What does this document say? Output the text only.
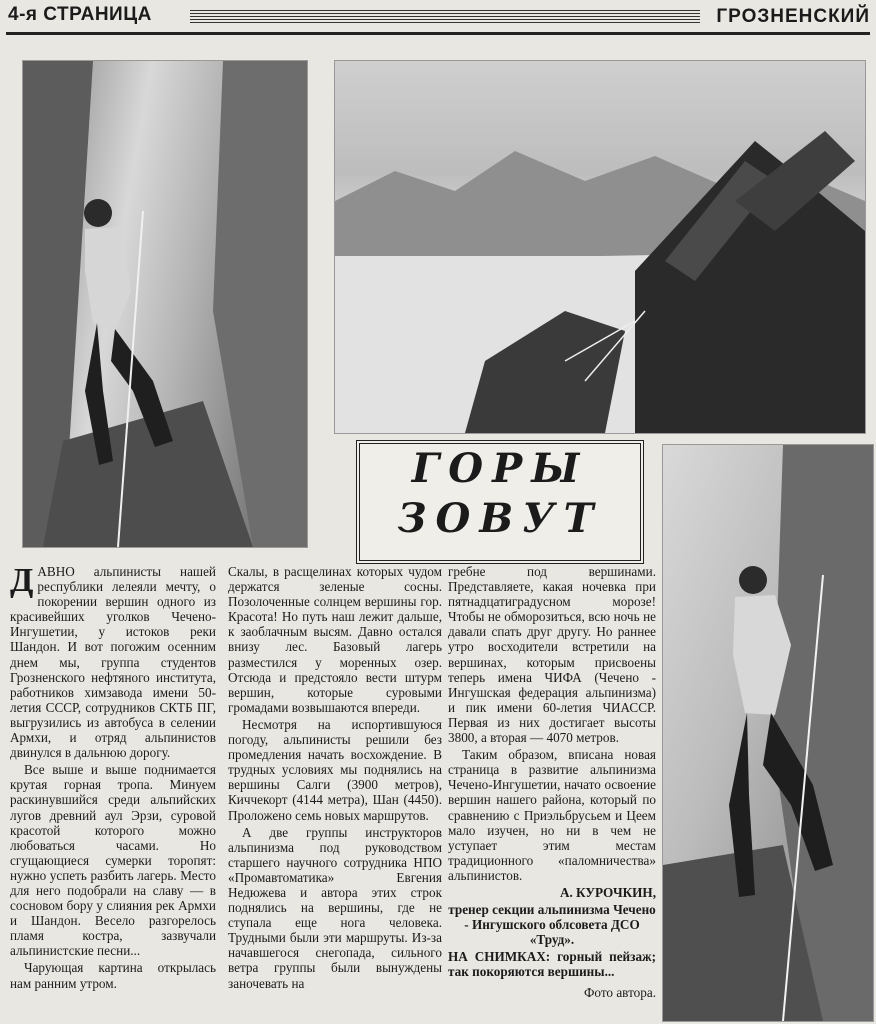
4-я СТРАНИЦА	ГРОЗНЕНСКИЙ
ГОРЫ
ЗОВУТ

ДАВНО альпинисты нашей республики лелеяли мечту, о покорении вершин одного из красивейших уголков Чечено-Ингушетии, у истоков реки Шандон. И вот погожим осенним днем мы, группа студентов Грозненского нефтяного института, работников химзавода имени 50-летия СССР, сотрудников СКТБ ПГ, выгрузились из автобуса в селении Армхи, и отряд альпинистов двинулся в дальнюю дорогу.

Все выше и выше поднимается крутая горная тропа. Минуем раскинувшийся среди альпийских лугов древний аул Эрзи, суровой красотой которого можно любоваться часами. Но сгущающиеся сумерки торопят: нужно успеть разбить лагерь. Место для него подобрали на славу — в сосновом бору у слияния рек Армхи и Шандон. Весело разгорелось пламя костра, зазвучали альпинистские песни...

Чарующая картина открылась нам ранним утром.

Скалы, в расщелинах которых чудом держатся зеленые сосны. Позолоченные солнцем вершины гор. Красота! Но путь наш лежит дальше, к заоблачным высям. Давно остался внизу лес. Базовый лагерь разместился у моренных озер. Отсюда и предстояло вести штурм вершин, которые суровыми громадами возвышаются впереди.

Несмотря на испортившуюся погоду, альпинисты решили без промедления начать восхождение. В трудных условиях мы поднялись на вершины Салги (3900 метров), Киччекорт (4144 метра), Шан (4450). Проложено семь новых маршрутов.

А две группы инструкторов альпинизма под руководством старшего научного сотрудника НПО «Промавтоматика» Евгения Недюжева и автора этих строк поднялись на вершины, где не ступала еще нога человека. Трудными были эти маршруты. Из-за начавшегося снегопада, сильного ветра группы были вынуждены заночевать на

гребне под вершинами. Представляете, какая ночевка при пятнадцатиградусном морозе! Чтобы не обморозиться, всю ночь не давали спать друг другу. Но раннее утро восходители встретили на вершинах, которым присвоены теперь имена ЧИФА (Чечено - Ингушская федерация альпинизма) и пик имени 60-летия ЧИАССР. Первая из них достигает высоты 3800, а вторая — 4070 метров.

Таким образом, вписана новая страница в развитие альпинизма Чечено-Ингушетии, начато освоение вершин нашего района, который по сравнению с Приэльбрусьем и Цеем мало изучен, но ни в чем не уступает этим местам традиционного «паломничества» альпинистов.

А. КУРОЧКИН,
тренер секции альпинизма Чечено - Ингушского облсовета ДСО «Труд».
НА СНИМКАХ: горный пейзаж; так покоряются вершины...
Фото автора.
